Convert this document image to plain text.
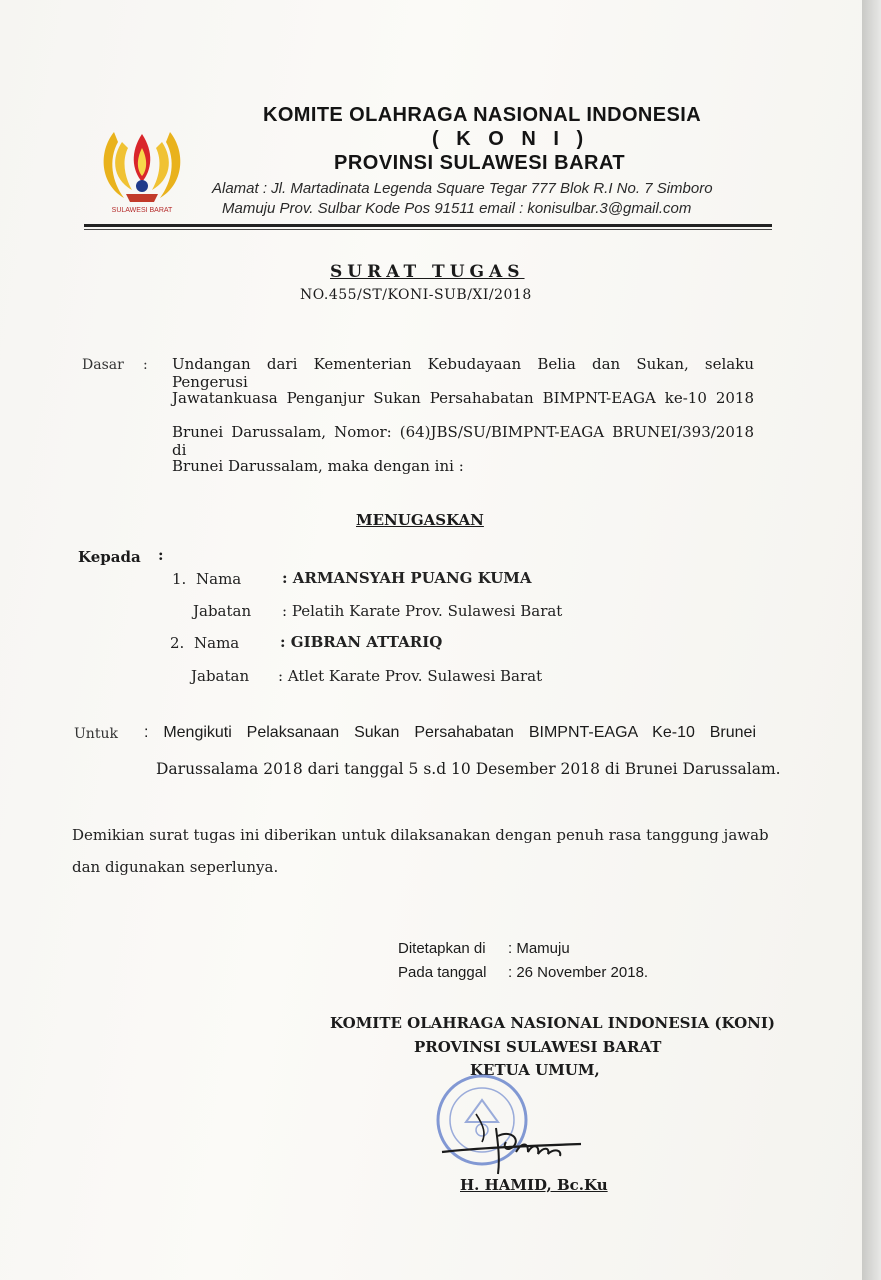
SULAWESI BARAT
KOMITE OLAHRAGA NASIONAL INDONESIA
( K O N I )
PROVINSI SULAWESI BARAT
Alamat : Jl. Martadinata Legenda Square Tegar 777 Blok R.I No. 7 Simboro
Mamuju Prov. Sulbar Kode Pos 91511 email : konisulbar.3@gmail.com
SURAT TUGAS
NO.455/ST/KONI-SUB/XI/2018
Dasar : Undangan dari Kementerian Kebudayaan Belia dan Sukan, selaku Pengerusi
Jawatankuasa Penganjur Sukan Persahabatan BIMPNT-EAGA ke-10 2018
Brunei Darussalam, Nomor: (64)JBS/SU/BIMPNT-EAGA BRUNEI/393/2018 di
Brunei Darussalam, maka dengan ini :
MENUGASKAN
Kepada :
1. Nama	: ARMANSYAH PUANG KUMA
Jabatan : Pelatih Karate Prov. Sulawesi Barat
2. Nama	: GIBRAN ATTARIQ
Jabatan : Atlet Karate Prov. Sulawesi Barat
Untuk : Mengikuti Pelaksanaan Sukan Persahabatan BIMPNT-EAGA Ke-10 Brunei
Darussalama 2018 dari tanggal 5 s.d 10 Desember 2018 di Brunei Darussalam.
Demikian surat tugas ini diberikan untuk dilaksanakan dengan penuh rasa tanggung jawab
dan digunakan seperlunya.
Ditetapkan di : Mamuju
Pada tanggal : 26 November 2018.
KOMITE OLAHRAGA NASIONAL INDONESIA (KONI)
PROVINSI SULAWESI BARAT
KETUA UMUM,
H. HAMID, Bc.Ku
